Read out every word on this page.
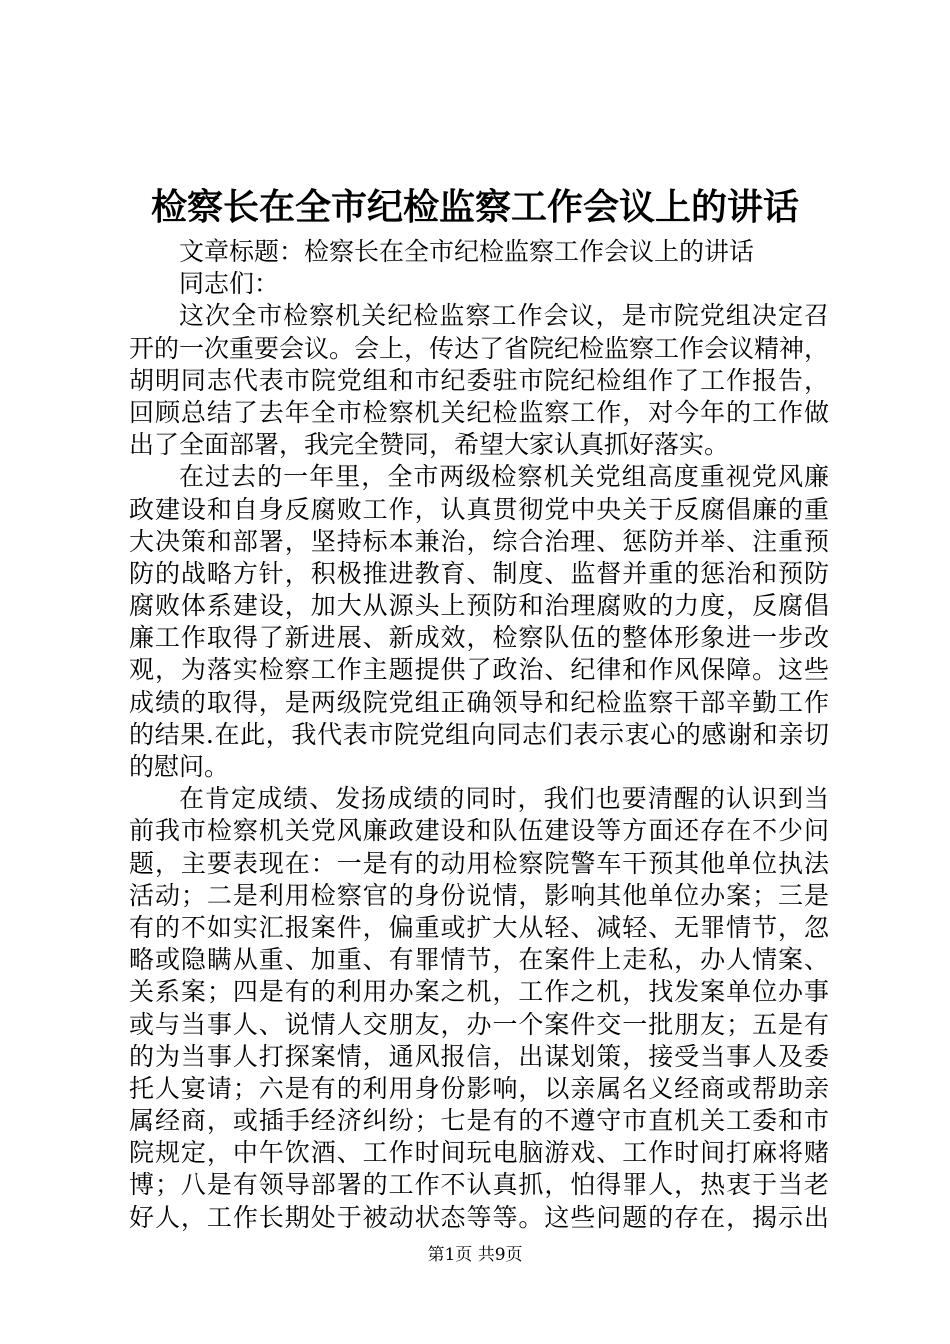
检察长在全市纪检监察工作会议上的讲话
文章标题：检察长在全市纪检监察工作会议上的讲话
同志们：
这次全市检察机关纪检监察工作会议，是市院党组决定召
开的一次重要会议。会上，传达了省院纪检监察工作会议精神，
胡明同志代表市院党组和市纪委驻市院纪检组作了工作报告，
回顾总结了去年全市检察机关纪检监察工作，对今年的工作做
出了全面部署，我完全赞同，希望大家认真抓好落实。
在过去的一年里，全市两级检察机关党组高度重视党风廉
政建设和自身反腐败工作，认真贯彻党中央关于反腐倡廉的重
大决策和部署，坚持标本兼治，综合治理、惩防并举、注重预
防的战略方针，积极推进教育、制度、监督并重的惩治和预防
腐败体系建设，加大从源头上预防和治理腐败的力度，反腐倡
廉工作取得了新进展、新成效，检察队伍的整体形象进一步改
观，为落实检察工作主题提供了政治、纪律和作风保障。这些
成绩的取得，是两级院党组正确领导和纪检监察干部辛勤工作
的结果.在此，我代表市院党组向同志们表示衷心的感谢和亲切
的慰问。
在肯定成绩、发扬成绩的同时，我们也要清醒的认识到当
前我市检察机关党风廉政建设和队伍建设等方面还存在不少问
题，主要表现在：一是有的动用检察院警车干预其他单位执法
活动；二是利用检察官的身份说情，影响其他单位办案；三是
有的不如实汇报案件，偏重或扩大从轻、减轻、无罪情节，忽
略或隐瞒从重、加重、有罪情节，在案件上走私，办人情案、
关系案；四是有的利用办案之机，工作之机，找发案单位办事
或与当事人、说情人交朋友，办一个案件交一批朋友；五是有
的为当事人打探案情，通风报信，出谋划策，接受当事人及委
托人宴请；六是有的利用身份影响，以亲属名义经商或帮助亲
属经商，或插手经济纠纷；七是有的不遵守市直机关工委和市
院规定，中午饮酒、工作时间玩电脑游戏、工作时间打麻将赌
博；八是有领导部署的工作不认真抓，怕得罪人，热衷于当老
好人，工作长期处于被动状态等等。这些问题的存在，揭示出
第1页 共9页
